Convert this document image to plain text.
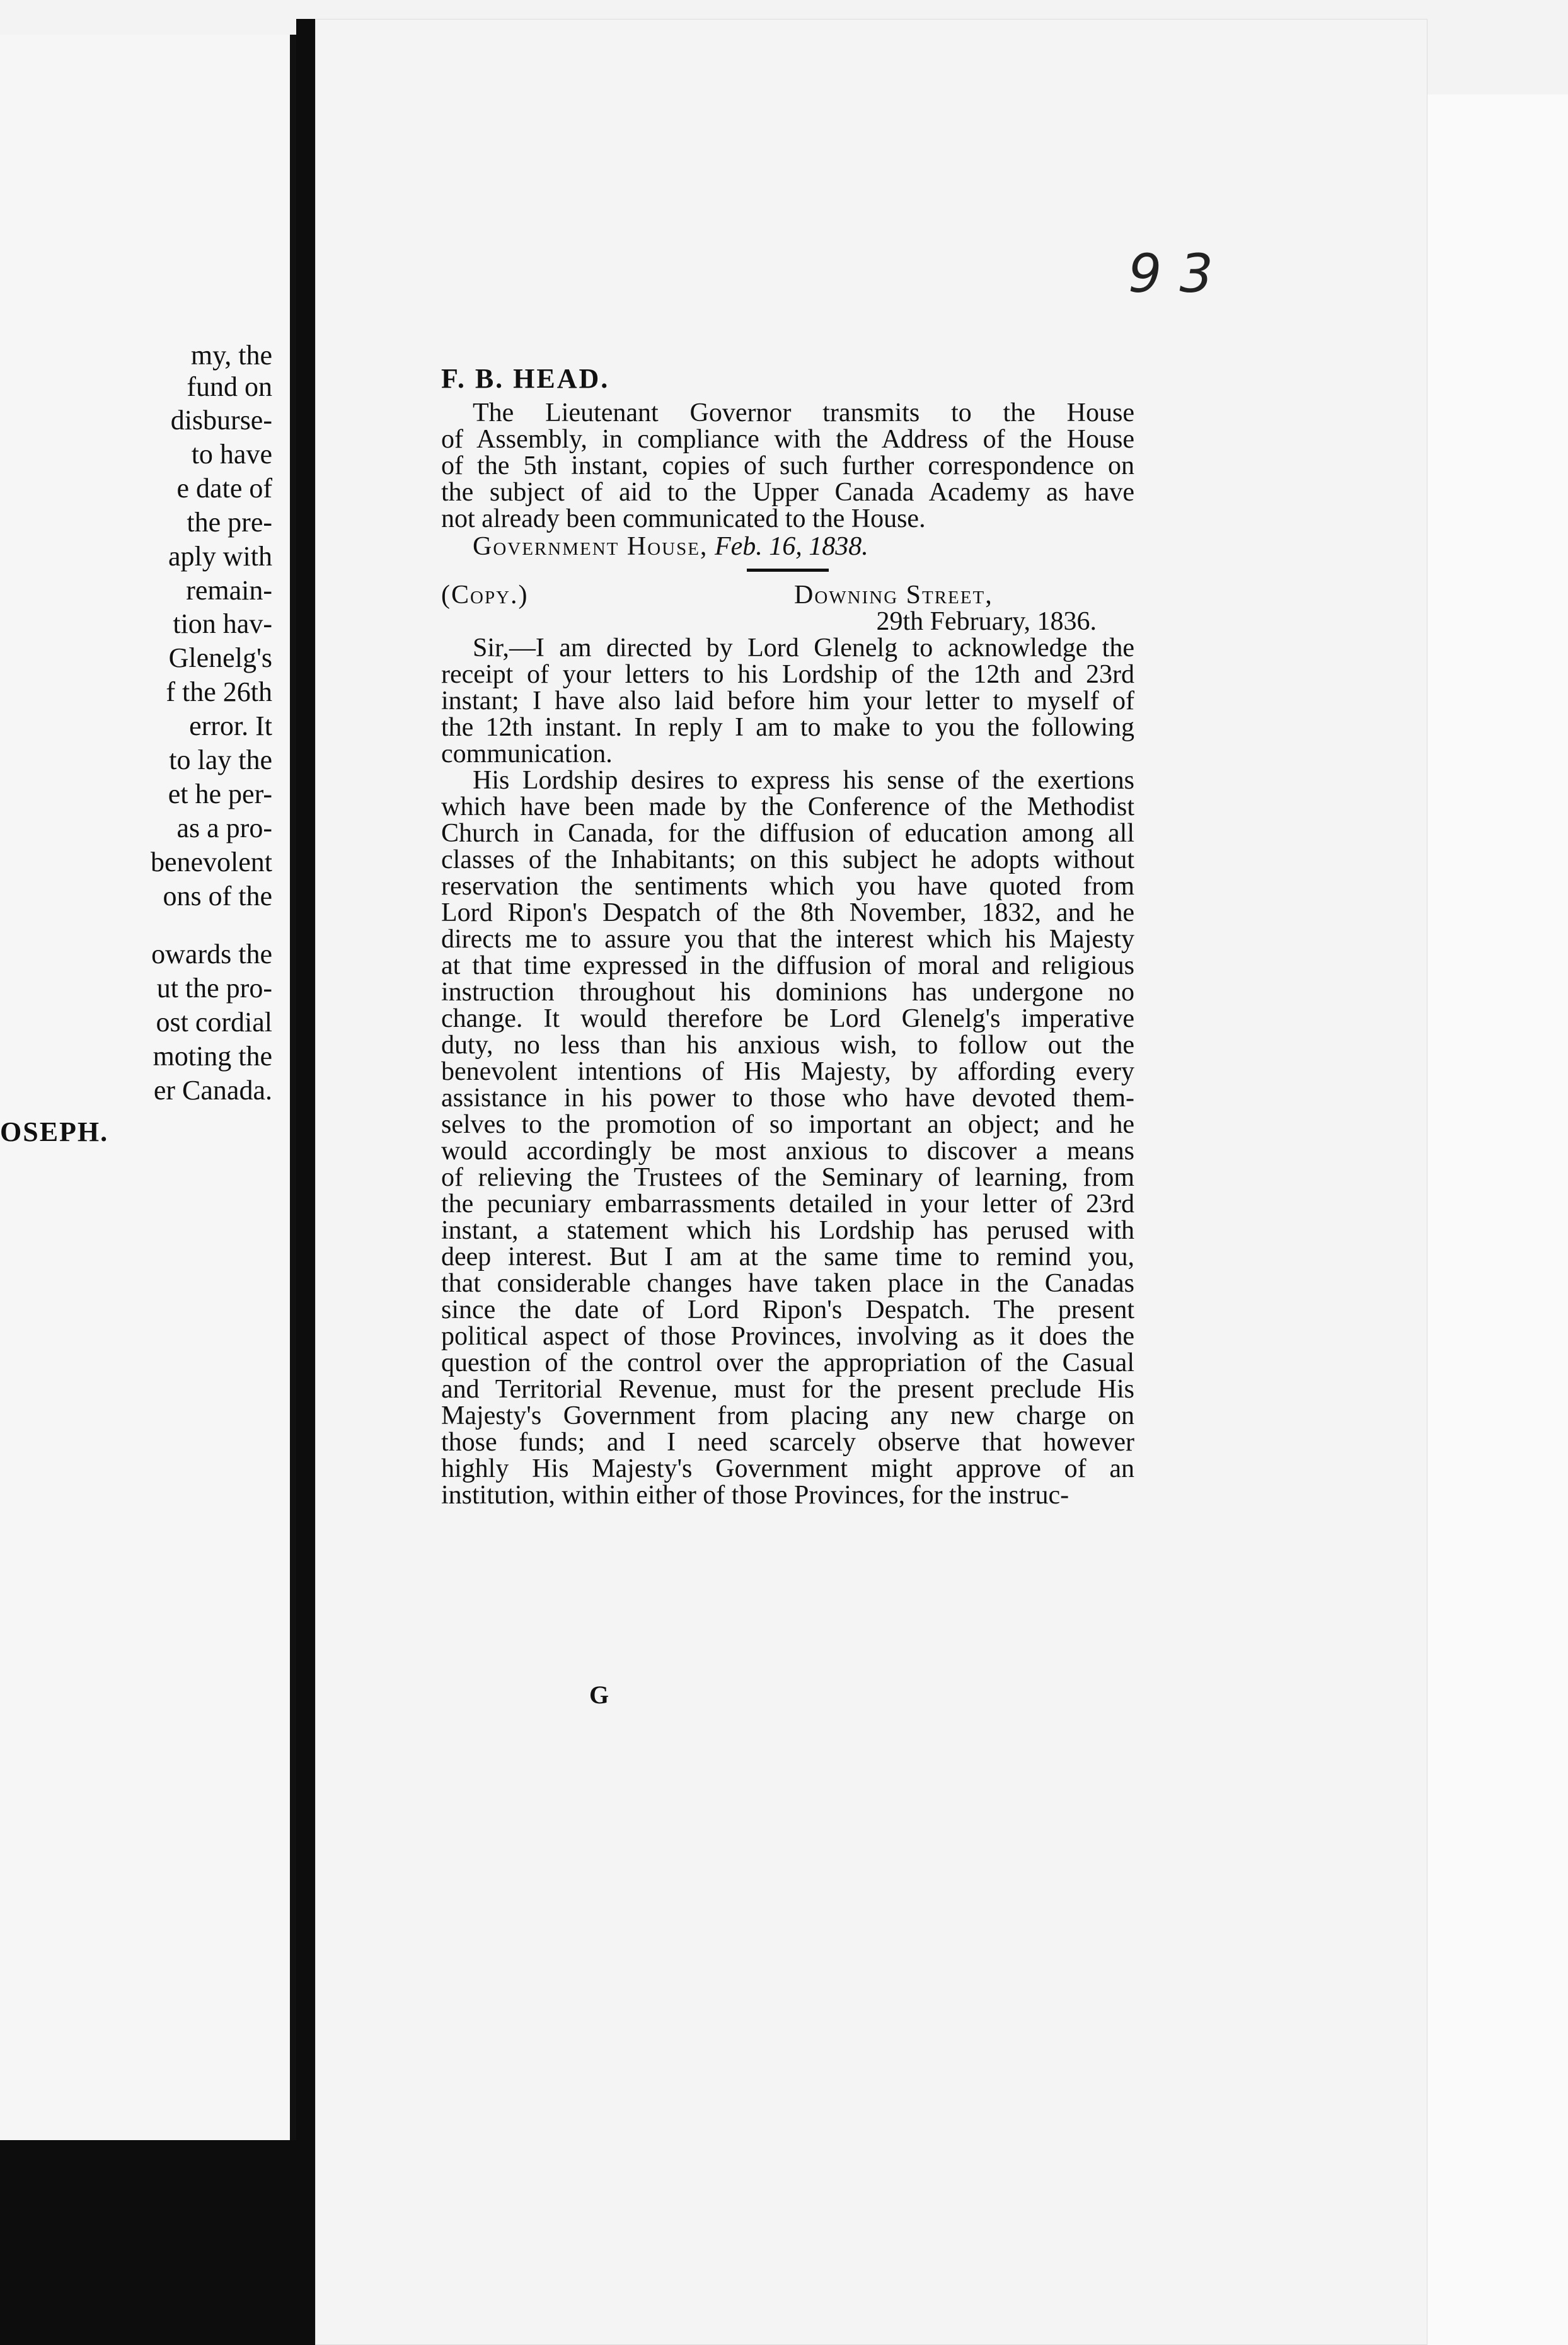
my, the
fund on
disburse-
to have
e date of
the pre-
aply with
remain-
tion hav-
Glenelg's
f the 26th
error. It
to lay the
et he per-
as a pro-
benevolent
ons of the
owards the
ut the pro-
ost cordial
moting the
er Canada.
OSEPH.
93
F. B. HEAD.
The Lieutenant Governor transmits to the House
of Assembly, in compliance with the Address of the House
of the 5th instant, copies of such further correspondence on
the subject of aid to the Upper Canada Academy as have
not already been communicated to the House.
Government House, Feb. 16, 1838.
(Copy.)	Downing Street,
29th February, 1836.
Sir,—I am directed by Lord Glenelg to acknowledge the
receipt of your letters to his Lordship of the 12th and 23rd
instant; I have also laid before him your letter to myself of
the 12th instant. In reply I am to make to you the following
communication.
His Lordship desires to express his sense of the exertions
which have been made by the Conference of the Methodist
Church in Canada, for the diffusion of education among all
classes of the Inhabitants; on this subject he adopts without
reservation the sentiments which you have quoted from
Lord Ripon's Despatch of the 8th November, 1832, and he
directs me to assure you that the interest which his Majesty
at that time expressed in the diffusion of moral and religious
instruction throughout his dominions has undergone no
change. It would therefore be Lord Glenelg's imperative
duty, no less than his anxious wish, to follow out the
benevolent intentions of His Majesty, by affording every
assistance in his power to those who have devoted them-
selves to the promotion of so important an object; and he
would accordingly be most anxious to discover a means
of relieving the Trustees of the Seminary of learning, from
the pecuniary embarrassments detailed in your letter of 23rd
instant, a statement which his Lordship has perused with
deep interest. But I am at the same time to remind you,
that considerable changes have taken place in the Canadas
since the date of Lord Ripon's Despatch. The present
political aspect of those Provinces, involving as it does the
question of the control over the appropriation of the Casual
and Territorial Revenue, must for the present preclude His
Majesty's Government from placing any new charge on
those funds; and I need scarcely observe that however
highly His Majesty's Government might approve of an
institution, within either of those Provinces, for the instruc-
G
